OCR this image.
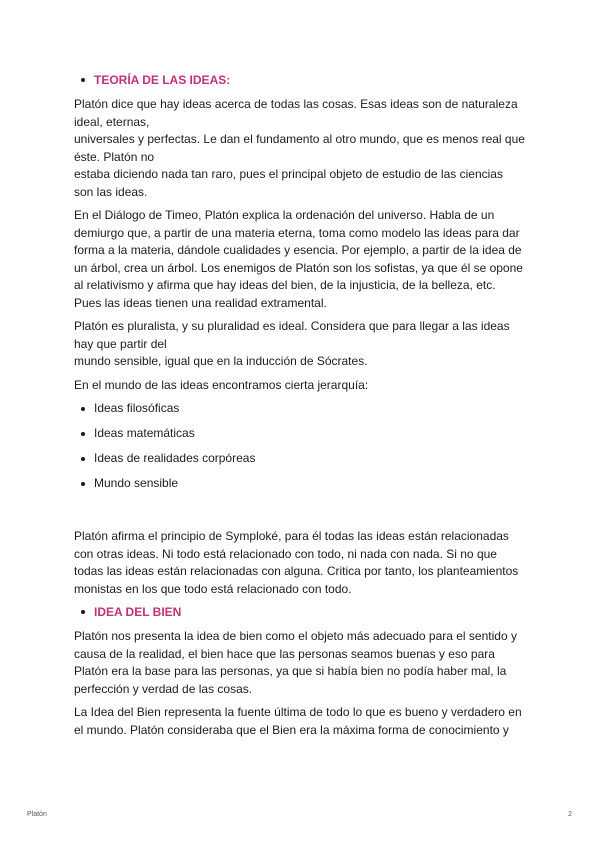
TEORÍA DE LAS IDEAS:

Platón dice que hay ideas acerca de todas las cosas. Esas ideas son de naturaleza
ideal, eternas,
universales y perfectas. Le dan el fundamento al otro mundo, que es menos real que
éste. Platón no
estaba diciendo nada tan raro, pues el principal objeto de estudio de las ciencias
son las ideas.

En el Diálogo de Timeo, Platón explica la ordenación del universo. Habla de un
demiurgo que, a partir de una materia eterna, toma como modelo las ideas para dar
forma a la materia, dándole cualidades y esencia. Por ejemplo, a partir de la idea de
un árbol, crea un árbol. Los enemigos de Platón son los sofistas, ya que él se opone
al relativismo y afirma que hay ideas del bien, de la injusticia, de la belleza, etc.
Pues las ideas tienen una realidad extramental.

Platón es pluralista, y su pluralidad es ideal. Considera que para llegar a las ideas
hay que partir del
mundo sensible, igual que en la inducción de Sócrates.

En el mundo de las ideas encontramos cierta jerarquía:

Ideas filosóficas
Ideas matemáticas
Ideas de realidades corpóreas
Mundo sensible

Platón afirma el principio de Symploké, para él todas las ideas están relacionadas
con otras ideas. Ni todo está relacionado con todo, ni nada con nada. Si no que
todas las ideas están relacionadas con alguna. Critica por tanto, los planteamientos
monistas en los que todo está relacionado con todo.

IDEA DEL BIEN

Platón nos presenta la idea de bien como el objeto más adecuado para el sentido y
causa de la realidad, el bien hace que las personas seamos buenas y eso para
Platón era la base para las personas, ya que si había bien no podía haber mal, la
perfección y verdad de las cosas.

La Idea del Bien representa la fuente última de todo lo que es bueno y verdadero en
el mundo. Platón consideraba que el Bien era la máxima forma de conocimiento y

Platón	2
